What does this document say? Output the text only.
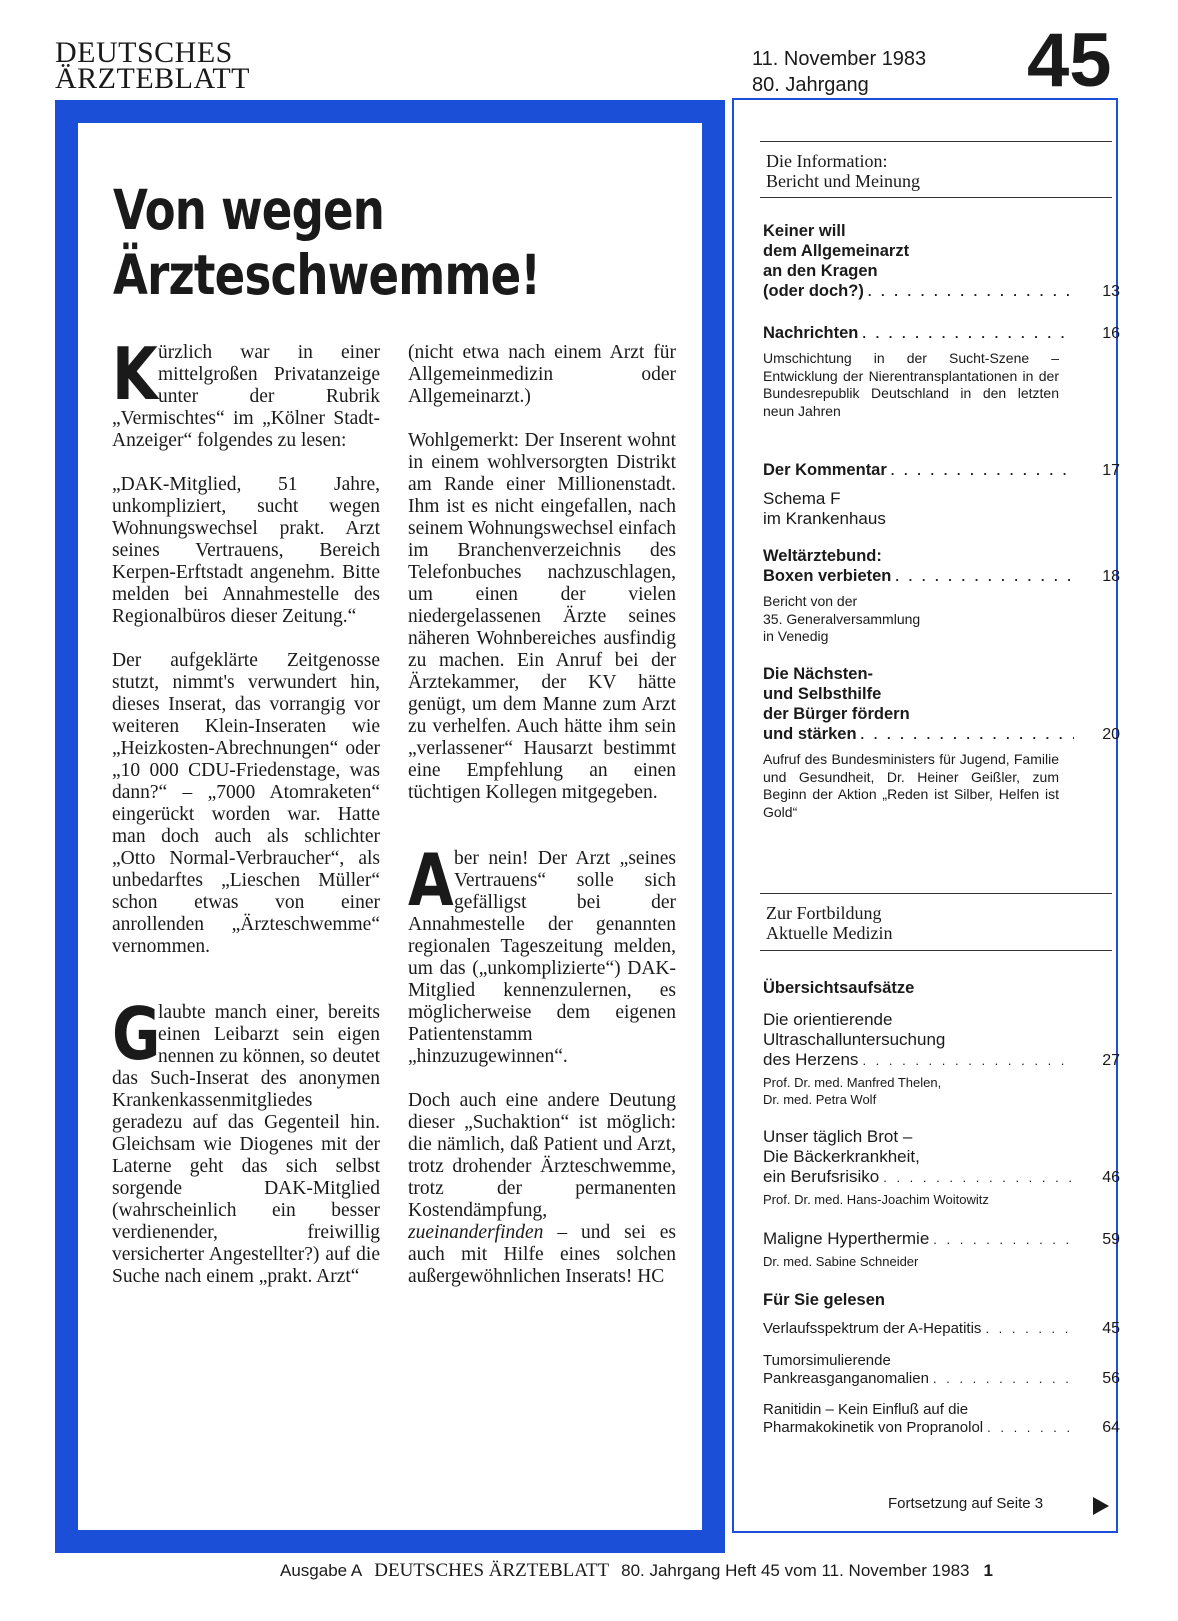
DEUTSCHES
ÄRZTEBLATT
11. November 1983
80. Jahrgang	45
Von wegen
Ärzteschwemme!

Kürzlich war in einer mittelgroßen Privatanzeige unter der Rubrik „Vermischtes“ im „Kölner Stadt-Anzeiger“ folgendes zu lesen:

„DAK-Mitglied, 51 Jahre, unkompliziert, sucht wegen Wohnungswechsel prakt. Arzt seines Vertrauens, Bereich Kerpen-Erftstadt angenehm. Bitte melden bei Annahmestelle des Regionalbüros dieser Zeitung.“

Der aufgeklärte Zeitgenosse stutzt, nimmt's verwundert hin, dieses Inserat, das vorrangig vor weiteren Klein-Inseraten wie „Heizkosten-Abrechnungen“ oder „10 000 CDU-Friedenstage, was dann?“ – „7000 Atomraketen“ eingerückt worden war. Hatte man doch auch als schlichter „Otto Normal-Verbraucher“, als unbedarftes „Lieschen Müller“ schon etwas von einer anrollenden „Ärzteschwemme“ vernommen.

G
laubte manch einer, bereits einen Leibarzt sein eigen nennen zu können, so deutet das Such-Inserat des anonymen Krankenkassenmitgliedes geradezu auf das Gegenteil hin. Gleichsam wie Diogenes mit der Laterne geht das sich selbst sorgende DAK-Mitglied (wahrscheinlich ein besser verdienender, freiwillig versicherter Angestellter?) auf die Suche nach einem „prakt. Arzt“

(nicht etwa nach einem Arzt für Allgemeinmedizin oder Allgemeinarzt.)

Wohlgemerkt: Der Inserent wohnt in einem wohlversorgten Distrikt am Rande einer Millionenstadt. Ihm ist es nicht eingefallen, nach seinem Wohnungswechsel einfach im Branchenverzeichnis des Telefonbuches nachzuschlagen, um einen der vielen niedergelassenen Ärzte seines näheren Wohnbereiches ausfindig zu machen. Ein Anruf bei der Ärztekammer, der KV hätte genügt, um dem Manne zum Arzt zu verhelfen. Auch hätte ihm sein „verlassener“ Hausarzt bestimmt eine Empfehlung an einen tüchtigen Kollegen mitgegeben.

Aber nein! Der Arzt „seines Vertrauens“ solle sich gefälligst bei der Annahmestelle der genannten regionalen Tageszeitung melden, um das („unkomplizierte“) DAK-Mitglied kennenzulernen, es möglicherweise dem eigenen Patientenstamm „hinzuzugewinnen“.

Doch auch eine andere Deutung dieser „Suchaktion“ ist möglich: die nämlich, daß Patient und Arzt, trotz drohender Ärzteschwemme, trotz der permanenten Kostendämpfung, zueinanderfinden – und sei es auch mit Hilfe eines solchen außergewöhnlichen Inserats! HC

Die Information:
Bericht und Meinung
Keiner will
dem Allgemeinarzt
an den Kragen
(oder doch?) . . .	13
Nachrichten . . .	16
Umschichtung in der Sucht-Szene – Entwicklung der Nierentransplantationen in der Bundesrepublik Deutschland in den letzten neun Jahren
Der Kommentar . . .	17
Schema F
im Krankenhaus
Weltärztebund:
Boxen verbieten . . .	18
Bericht von der
35. Generalversammlung
in Venedig
Die Nächsten-
und Selbsthilfe
der Bürger fördern
und stärken . . .	20
Aufruf des Bundesministers für Jugend, Familie und Gesundheit, Dr. Heiner Geißler, zum Beginn der Aktion „Reden ist Silber, Helfen ist Gold“
Zur Fortbildung
Aktuelle Medizin
Übersichtsaufsätze
Die orientierende
Ultraschalluntersuchung
des Herzens . . .	27
Prof. Dr. med. Manfred Thelen,
Dr. med. Petra Wolf
Unser täglich Brot –
Die Bäckerkrankheit,
ein Berufsrisiko . . .	46
Prof. Dr. med. Hans-Joachim Woitowitz
Maligne Hyperthermie . . .	59
Dr. med. Sabine Schneider
Für Sie gelesen
Verlaufsspektrum der A-Hepatitis . . .	45
Tumorsimulierende
Pankreasganganomalien . . .	56
Ranitidin – Kein Einfluß auf die
Pharmakokinetik von Propranolol . . .	64
Fortsetzung auf Seite 3
Ausgabe A DEUTSCHES ÄRZTEBLATT 80. Jahrgang Heft 45 vom 11. November 1983 1
